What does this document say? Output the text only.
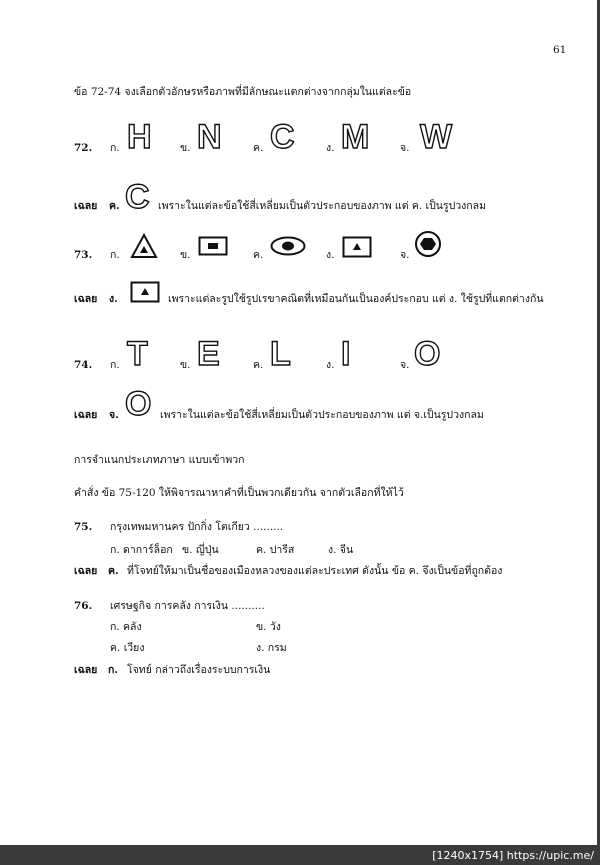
61
ข้อ 72-74 จงเลือกตัวอักษรหรือภาพที่มีลักษณะแตกต่างจากกลุ่มในแต่ละข้อ
72. ก. H	ข. N	ค. C	ง. M	จ. W
เฉลย ค. C เพราะในแต่ละข้อใช้สี่เหลี่ยมเป็นตัวประกอบของภาพ แต่ ค. เป็นรูปวงกลม
73. ก.	ข.	ค.	ง.	จ.
เฉลย ง.	เพราะแต่ละรูปใช้รูปเรขาคณิตที่เหมือนกันเป็นองค์ประกอบ แต่ ง. ใช้รูปที่แตกต่างกัน
74. ก. T	ข. E	ค. L	ง. I	จ. O
เฉลย จ. O เพราะในแต่ละข้อใช้สี่เหลี่ยมเป็นตัวประกอบของภาพ แต่ จ.เป็นรูปวงกลม
การจำแนกประเภทภาษา แบบเข้าพวก
คำสั่ง ข้อ 75-120 ให้พิจารณาหาคำที่เป็นพวกเดียวกัน จากตัวเลือกที่ให้ไว้
75. กรุงเทพมหานคร ปักกิ่ง โตเกียว .........
ก. ดาการ์ล็อก ข. ญี่ปุ่น	ค. ปารีส	ง. จีน
เฉลย ค. ที่โจทย์ให้มาเป็นชื่อของเมืองหลวงของแต่ละประเทศ ดังนั้น ข้อ ค. จึงเป็นข้อที่ถูกต้อง
76. เศรษฐกิจ การคลัง การเงิน ..........
ก. คลัง	ข. วัง
ค. เวียง	ง. กรม
เฉลย ก. โจทย์ กล่าวถึงเรื่องระบบการเงิน
[1240x1754] https://upic.me/
